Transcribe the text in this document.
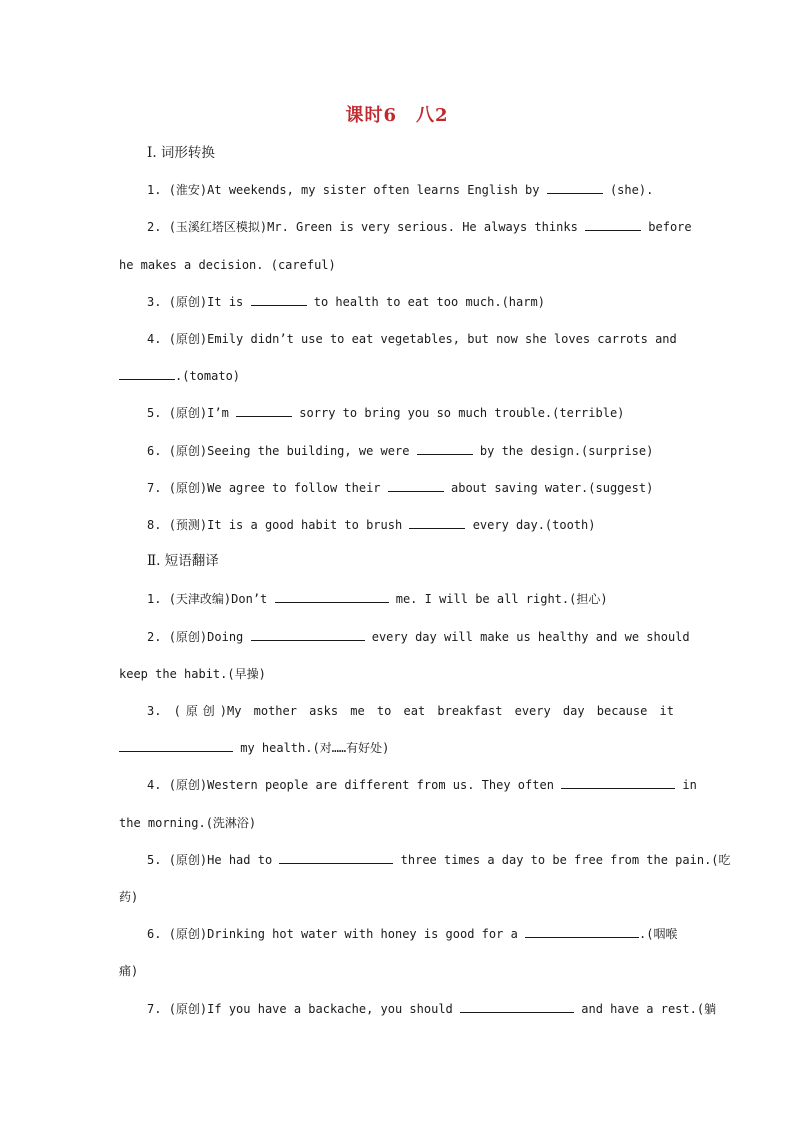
课时6　八2
Ⅰ. 词形转换
1. (淮安)At weekends, my sister often learns English by	(she).
2. (玉溪红塔区模拟)Mr. Green is very serious. He always thinks	before
he makes a decision. (careful)
3. (原创)It is	to health to eat too much.(harm)
4. (原创)Emily didn’t use to eat vegetables, but now she loves carrots and
.(tomato)
5. (原创)I’m	sorry to bring you so much trouble.(terrible)
6. (原创)Seeing the building, we were	by the design.(surprise)
7. (原创)We agree to follow their	about saving water.(suggest)
8. (预测)It is a good habit to brush	every day.(tooth)
Ⅱ. 短语翻译
1. (天津改编)Don’t	me. I will be all right.(担心)
2. (原创)Doing	every day will make us healthy and we should
keep the habit.(早操)
3. (原创)My mother asks me to eat breakfast every day because it
my health.(对……有好处)
4. (原创)Western people are different from us. They often	in
the morning.(洗淋浴)
5. (原创)He had to	three times a day to be free from the pain.(吃
药)
6. (原创)Drinking hot water with honey is good for a	.(咽喉
痛)
7. (原创)If you have a backache, you should	and have a rest.(躺
